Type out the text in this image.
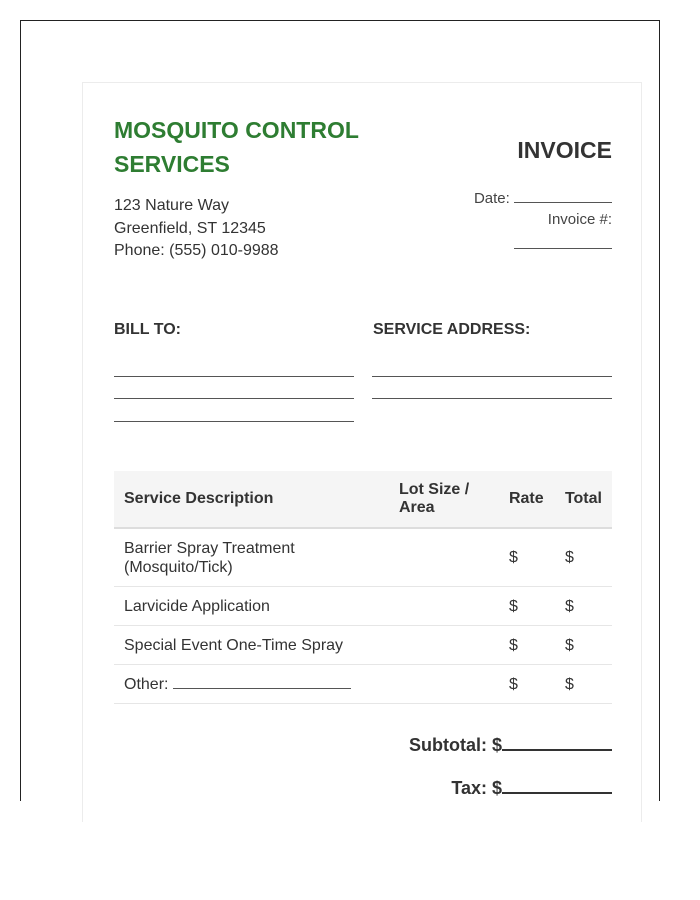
MOSQUITO CONTROL SERVICES
123 Nature Way
Greenfield, ST 12345
Phone: (555) 010-9988
INVOICE
Date:
Invoice #:
BILL TO:	SERVICE ADDRESS:
Service Description	Lot Size / Area	Rate	Total
Barrier Spray Treatment (Mosquito/Tick)		$	$
Larvicide Application		$	$
Special Event One-Time Spray		$	$
Other:		$	$
Subtotal: $
Tax: $
